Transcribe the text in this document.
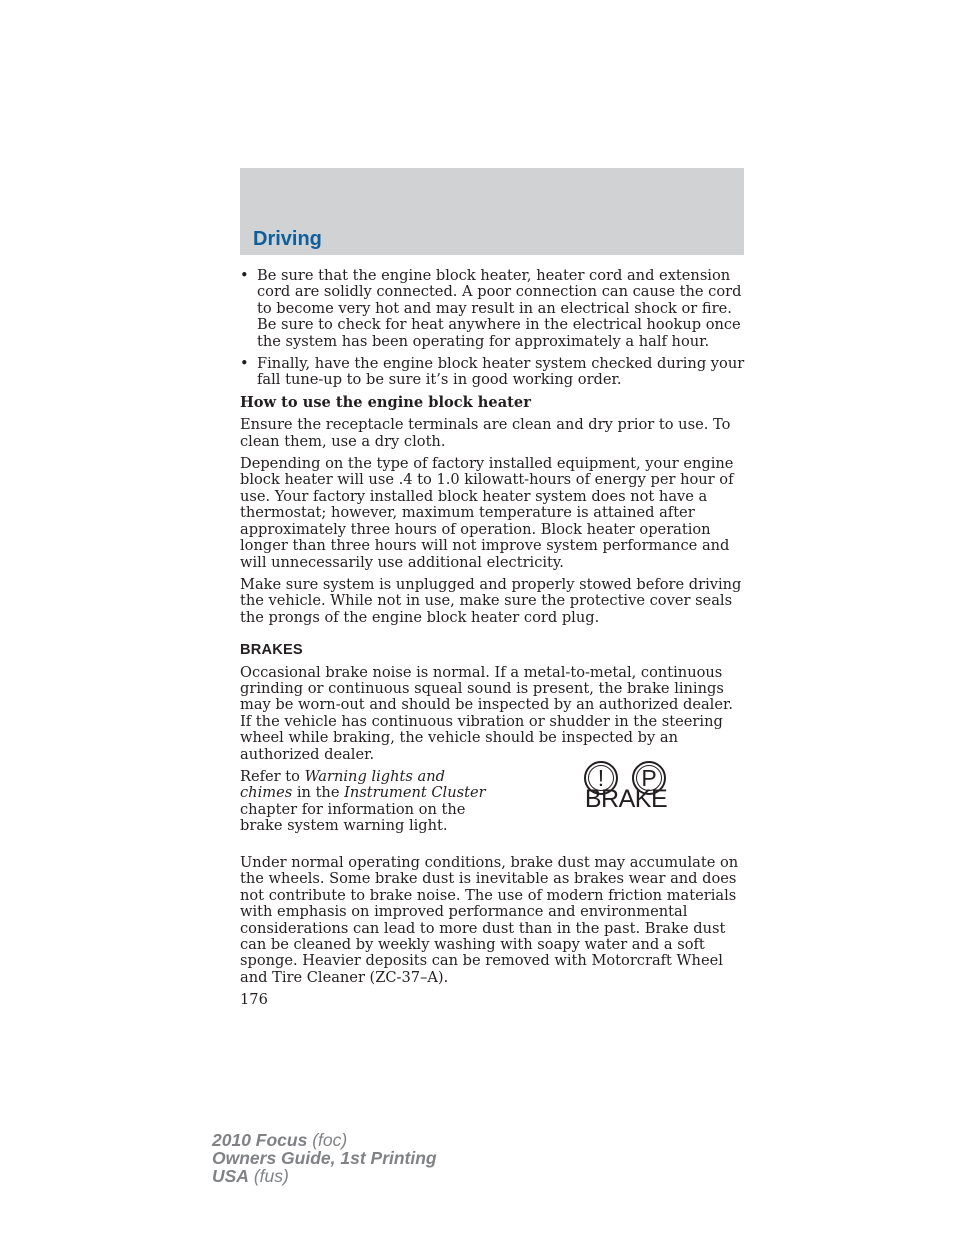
Driving
• Be sure that the engine block heater, heater cord and extension cord are solidly connected. A poor connection can cause the cord to become very hot and may result in an electrical shock or fire. Be sure to check for heat anywhere in the electrical hookup once the system has been operating for approximately a half hour.
• Finally, have the engine block heater system checked during your fall tune-up to be sure it’s in good working order.
How to use the engine block heater

Ensure the receptacle terminals are clean and dry prior to use. To clean them, use a dry cloth.

Depending on the type of factory installed equipment, your engine block heater will use .4 to 1.0 kilowatt-hours of energy per hour of use. Your factory installed block heater system does not have a thermostat; however, maximum temperature is attained after approximately three hours of operation. Block heater operation longer than three hours will not improve system performance and will unnecessarily use additional electricity.

Make sure system is unplugged and properly stowed before driving the vehicle. While not in use, make sure the protective cover seals the prongs of the engine block heater cord plug.

BRAKES

Occasional brake noise is normal. If a metal-to-metal, continuous grinding or continuous squeal sound is present, the brake linings may be worn-out and should be inspected by an authorized dealer. If the vehicle has continuous vibration or shudder in the steering wheel while braking, the vehicle should be inspected by an authorized dealer.

Refer to Warning lights and chimes in the Instrument Cluster chapter for information on the brake system warning light.
!	P
BRAKE

Under normal operating conditions, brake dust may accumulate on the wheels. Some brake dust is inevitable as brakes wear and does not contribute to brake noise. The use of modern friction materials with emphasis on improved performance and environmental considerations can lead to more dust than in the past. Brake dust can be cleaned by weekly washing with soapy water and a soft sponge. Heavier deposits can be removed with Motorcraft Wheel and Tire Cleaner (ZC-37–A).

176
2010 Focus (foc)
Owners Guide, 1st Printing
USA (fus)
